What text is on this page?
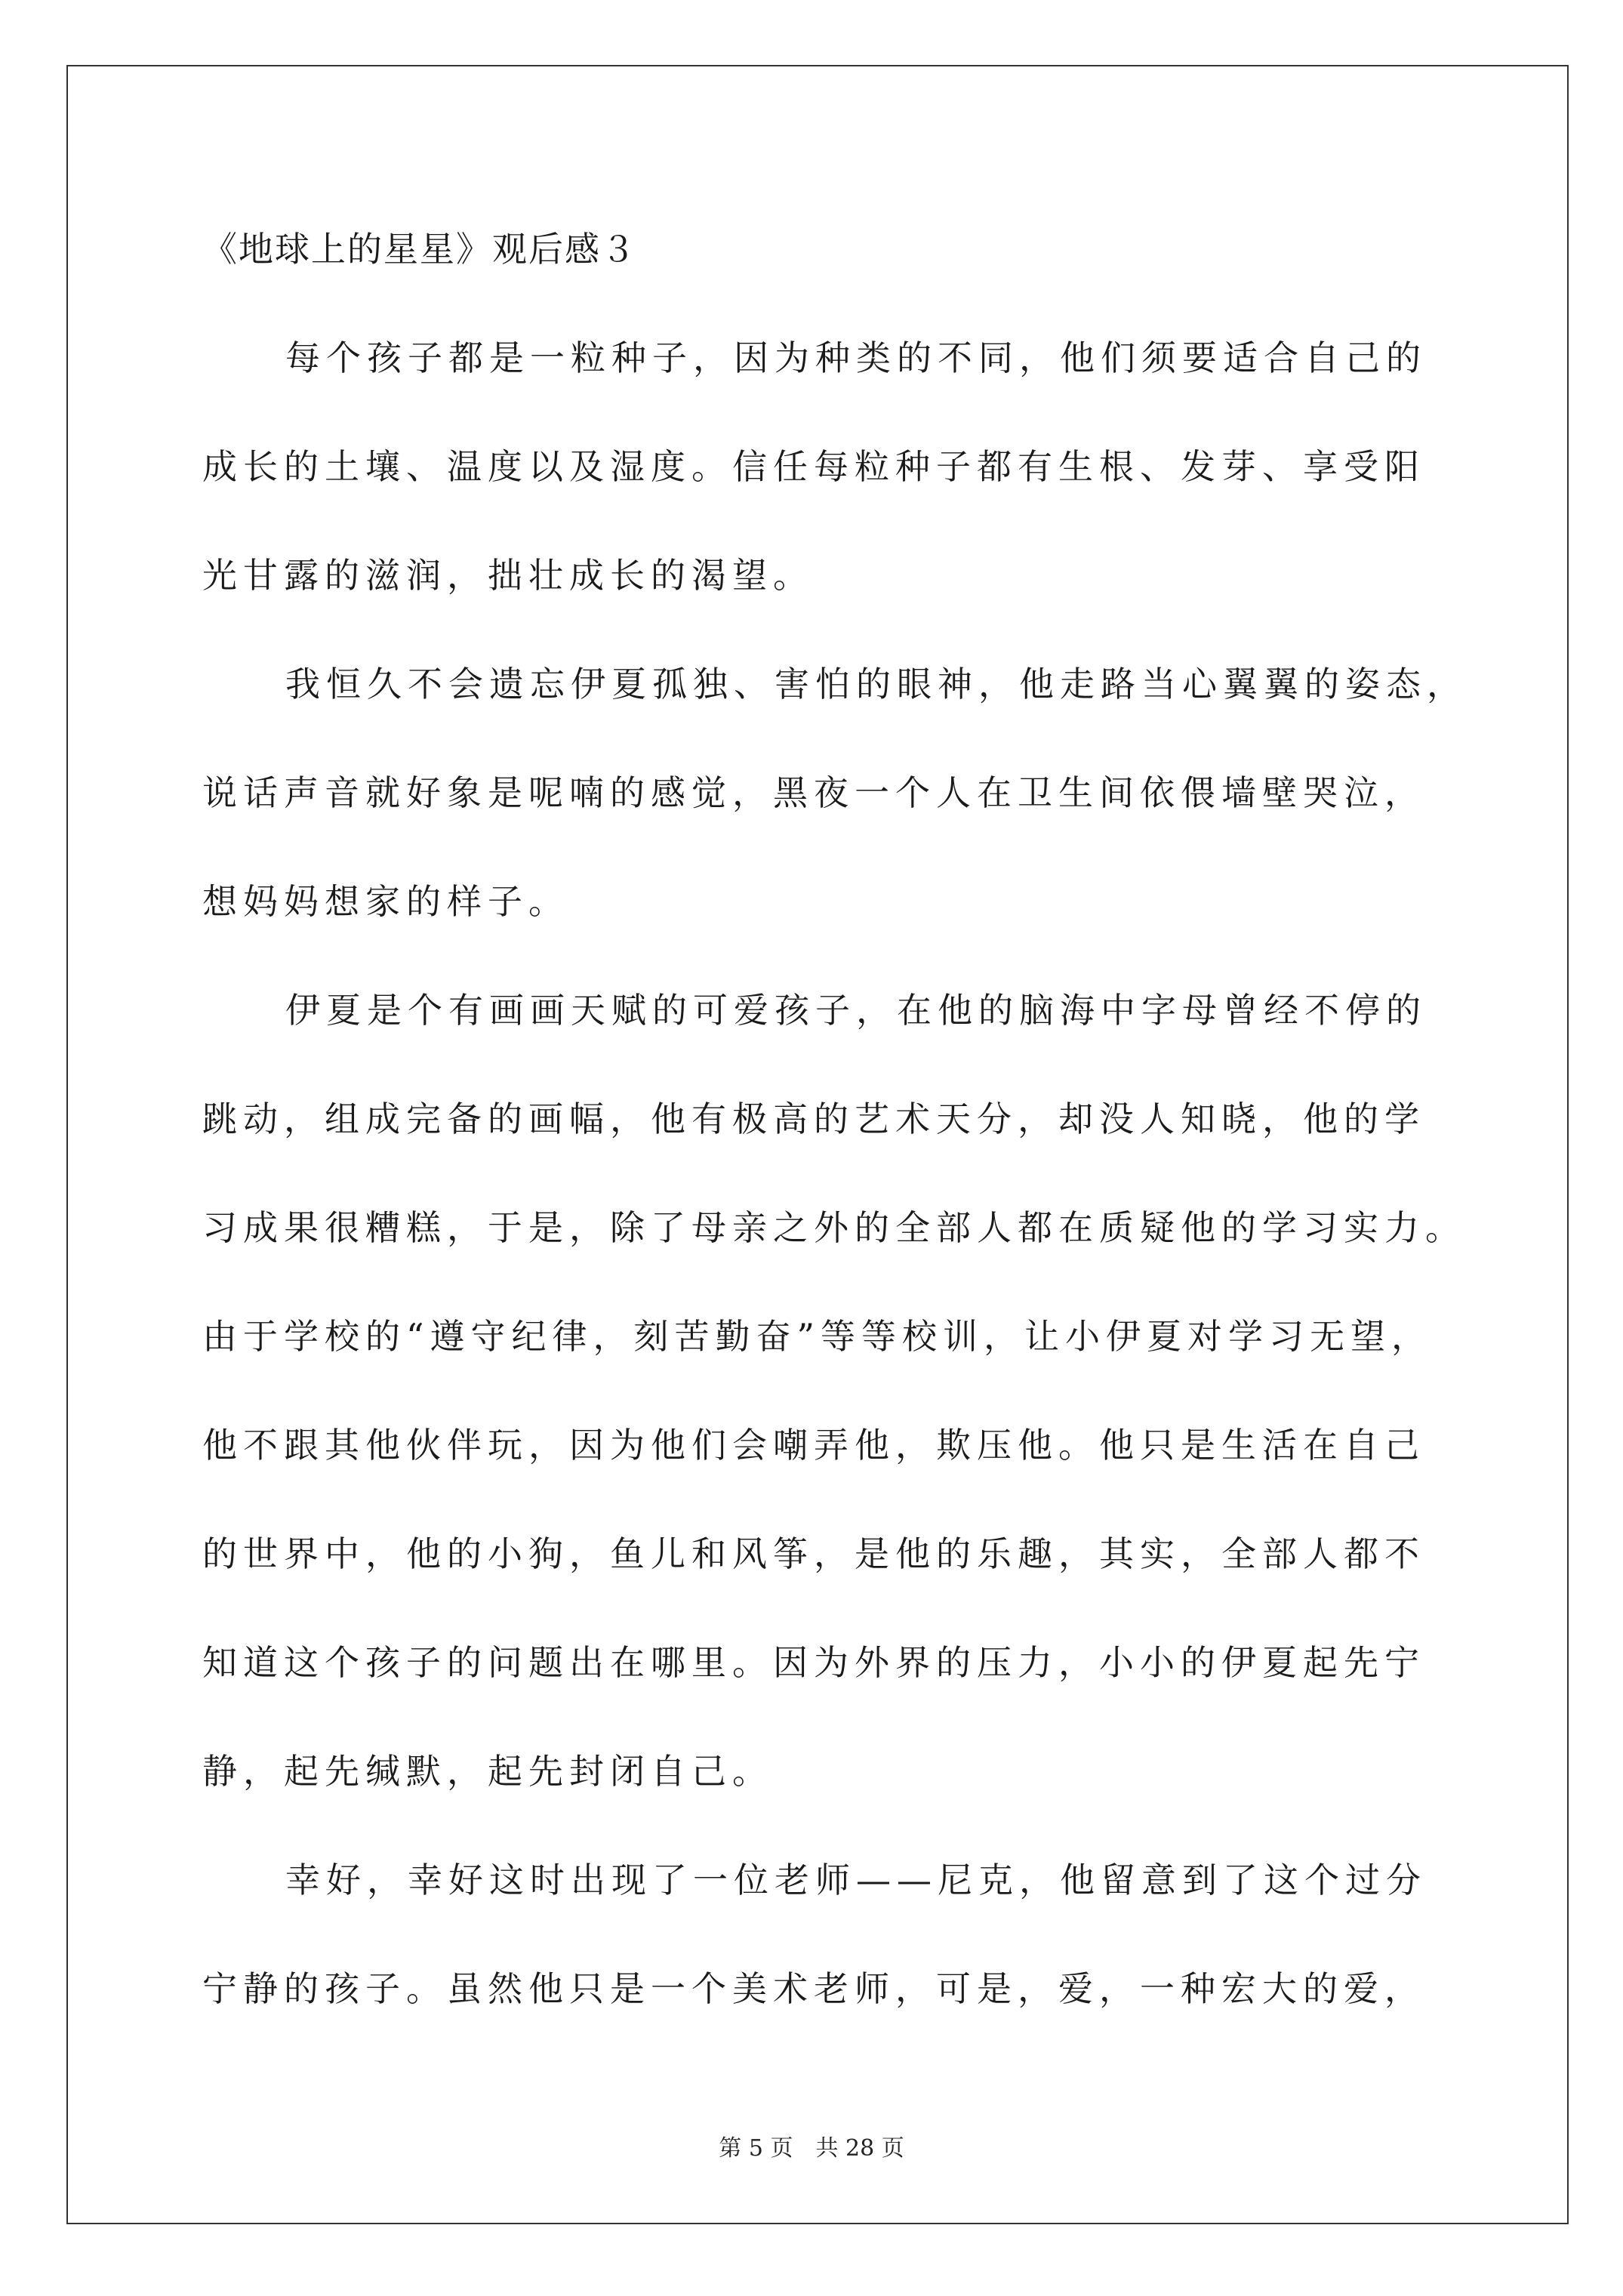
《地球上的星星》观后感３
每个孩子都是一粒种子，因为种类的不同，他们须要适合自己的
成长的土壤、温度以及湿度。信任每粒种子都有生根、发芽、享受阳
光甘露的滋润，拙壮成长的渴望。
我恒久不会遗忘伊夏孤独、害怕的眼神，他走路当心翼翼的姿态，
说话声音就好象是呢喃的感觉，黑夜一个人在卫生间依偎墙壁哭泣，
想妈妈想家的样子。
伊夏是个有画画天赋的可爱孩子，在他的脑海中字母曾经不停的
跳动，组成完备的画幅，他有极高的艺术天分，却没人知晓，他的学
习成果很糟糕，于是，除了母亲之外的全部人都在质疑他的学习实力。
由于学校的“遵守纪律，刻苦勤奋”等等校训，让小伊夏对学习无望，
他不跟其他伙伴玩，因为他们会嘲弄他，欺压他。他只是生活在自己
的世界中，他的小狗，鱼儿和风筝，是他的乐趣，其实，全部人都不
知道这个孩子的问题出在哪里。因为外界的压力，小小的伊夏起先宁
静，起先缄默，起先封闭自己。
幸好，幸好这时出现了一位老师——尼克，他留意到了这个过分
宁静的孩子。虽然他只是一个美术老师，可是，爱，一种宏大的爱，
第 5 页　共 28 页
